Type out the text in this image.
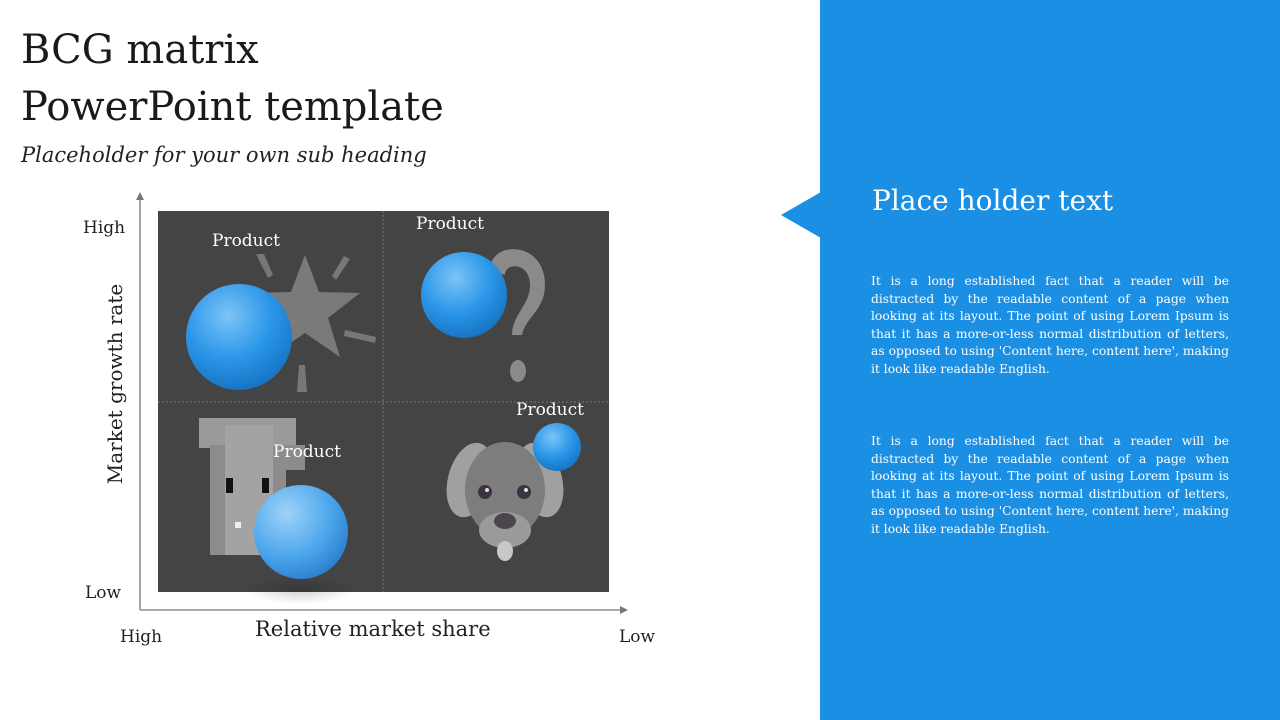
BCG matrix
PowerPoint template
Placeholder for your own sub heading
High
Low
High	Low
Market growth rate
Relative market share
Product
Product
Product
Product
Place holder text
It is a long established fact that a reader will be distracted by the readable content of a page when looking at its layout. The point of using Lorem Ipsum is that it has a more-or-less normal distribution of letters, as opposed to using 'Content here, content here', making it look like readable English.
It is a long established fact that a reader will be distracted by the readable content of a page when looking at its layout. The point of using Lorem Ipsum is that it has a more-or-less normal distribution of letters, as opposed to using 'Content here, content here', making it look like readable English.
